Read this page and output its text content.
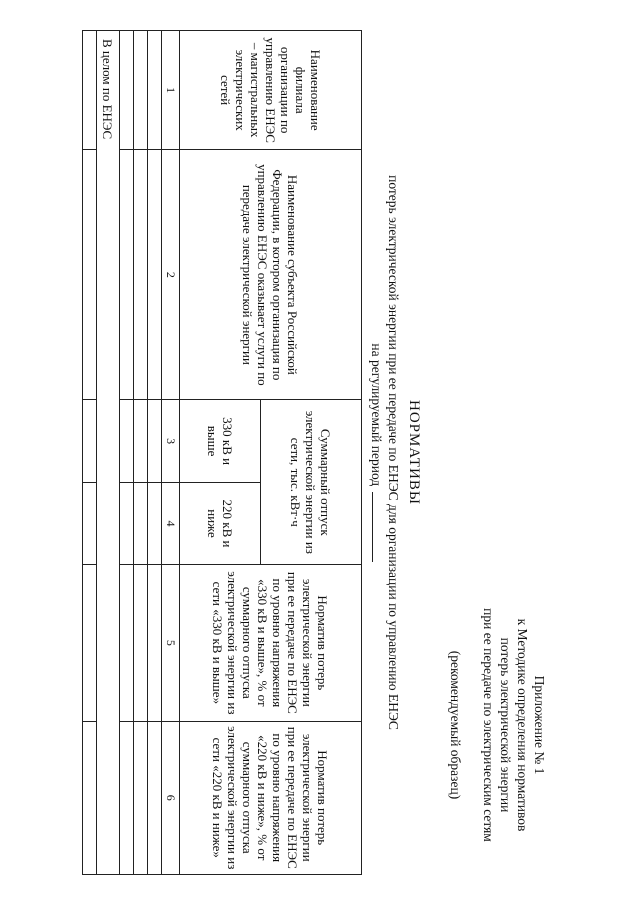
Приложение № 1
к Методике определения нормативов
потерь электрической энергии
при ее передаче по электрическим сетям
(рекомендуемый образец)
НОРМАТИВЫ
потерь электрической энергии при ее передаче по ЕНЭС для организации по управлению ЕНЭС
на регулируемый период
Наименование филиала организации по управлению ЕНЭС – магистральных электрических сетей	Наименование субъекта Российской Федерации, в котором организация по управлению ЕНЭС оказывает услуги по передаче электрической энергии	Суммарный отпуск электрической энергии из сети, тыс. кВт·ч		Норматив потерь электрической энергии при ее передаче по ЕНЭС по уровню напряжения «330 кВ и выше», % от суммарного отпуска электрической энергии из сети «330 кВ и выше»	Норматив потерь электрической энергии при ее передаче по ЕНЭС по уровню напряжения «220 кВ и ниже», % от суммарного отпуска электрической энергии из сети «220 кВ и ниже»
		330 кВ и выше	220 кВ и ниже		
1	2	3	4	5	6

В целом по ЕНЭС					
